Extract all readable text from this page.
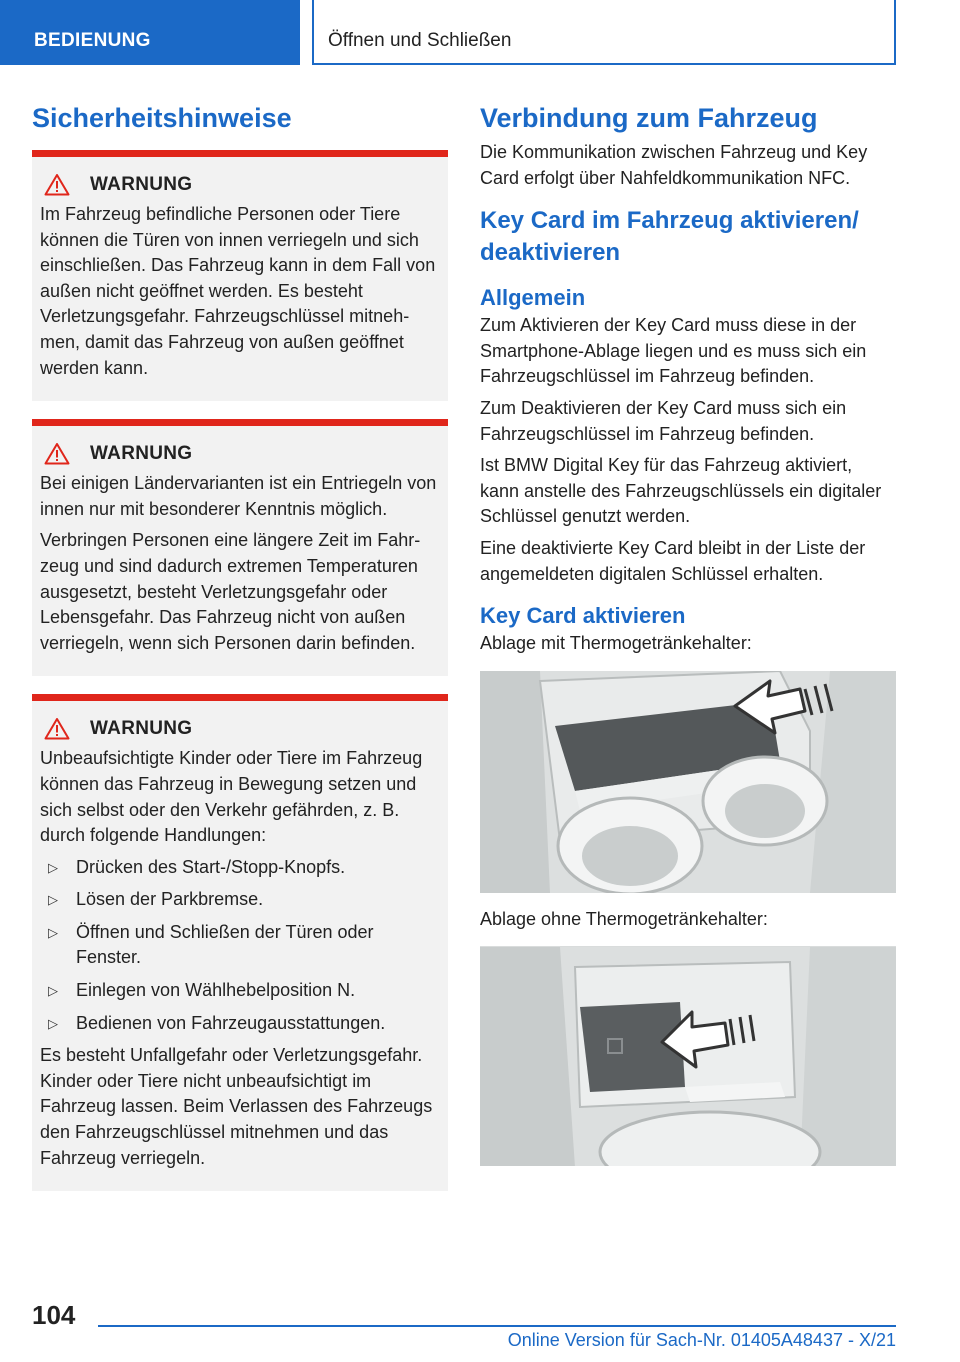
BEDIENUNG	Öffnen und Schließen
Sicherheitshinweise
WARNUNG

Im Fahrzeug befindliche Personen oder Tiere können die Türen von innen verriegeln und sich einschließen. Das Fahrzeug kann in dem Fall von außen nicht geöffnet werden. Es besteht Verletzungsgefahr. Fahrzeugschlüssel mitnehmen, damit das Fahrzeug von außen geöffnet werden kann.

WARNUNG

Bei einigen Ländervarianten ist ein Entriegeln von innen nur mit besonderer Kenntnis möglich.

Verbringen Personen eine längere Zeit im Fahrzeug und sind dadurch extremen Temperaturen ausgesetzt, besteht Verletzungsgefahr oder Lebensgefahr. Das Fahrzeug nicht von außen verriegeln, wenn sich Personen darin befinden.

WARNUNG

Unbeaufsichtigte Kinder oder Tiere im Fahrzeug können das Fahrzeug in Bewegung setzen und sich selbst oder den Verkehr gefährden, z. B. durch folgende Handlungen:

▷ Drücken des Start-/Stopp-Knopfs.
▷ Lösen der Parkbremse.
▷ Öffnen und Schließen der Türen oder Fenster.
▷ Einlegen von Wählhebelposition N.
▷ Bedienen von Fahrzeugausstattungen.

Es besteht Unfallgefahr oder Verletzungsgefahr. Kinder oder Tiere nicht unbeaufsichtigt im Fahrzeug lassen. Beim Verlassen des Fahrzeugs den Fahrzeugschlüssel mitnehmen und das Fahrzeug verriegeln.

Verbindung zum Fahrzeug

Die Kommunikation zwischen Fahrzeug und Key Card erfolgt über Nahfeldkommunikation NFC.

Key Card im Fahrzeug aktivieren/ deaktivieren
Allgemein

Zum Aktivieren der Key Card muss diese in der Smartphone-Ablage liegen und es muss sich ein Fahrzeugschlüssel im Fahrzeug befinden.

Zum Deaktivieren der Key Card muss sich ein Fahrzeugschlüssel im Fahrzeug befinden.

Ist BMW Digital Key für das Fahrzeug aktiviert, kann anstelle des Fahrzeugschlüssels ein digitaler Schlüssel genutzt werden.

Eine deaktivierte Key Card bleibt in der Liste der angemeldeten digitalen Schlüssel erhalten.

Key Card aktivieren

Ablage mit Thermogetränkehalter:

Ablage ohne Thermogetränkehalter:

104
Online Version für Sach-Nr. 01405A48437 - X/21
